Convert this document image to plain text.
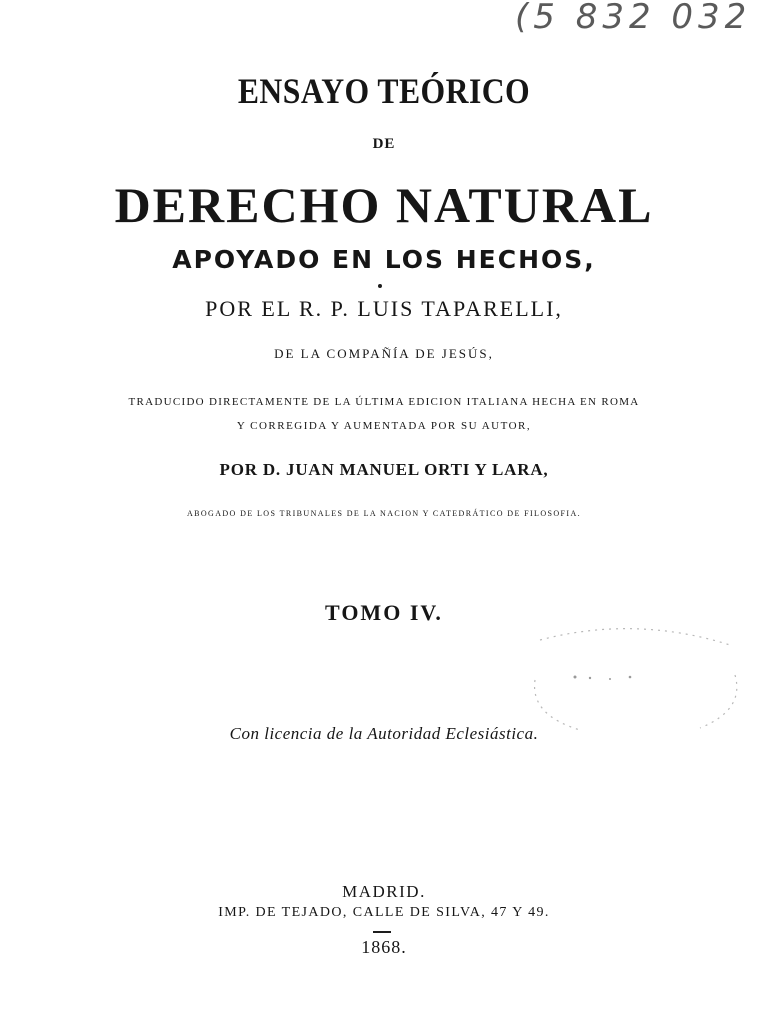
(5 832 032
ENSAYO TEÓRICO

DE

DERECHO NATURAL
APOYADO EN LOS HECHOS,

POR EL R. P. LUIS TAPARELLI,

DE LA COMPAÑÍA DE JESÚS,

TRADUCIDO DIRECTAMENTE DE LA ÚLTIMA EDICION ITALIANA HECHA EN ROMA

Y CORREGIDA Y AUMENTADA POR SU AUTOR,

POR D. JUAN MANUEL ORTI Y LARA,

ABOGADO DE LOS TRIBUNALES DE LA NACION Y CATEDRÁTICO DE FILOSOFIA.

TOMO IV.

Con licencia de la Autoridad Eclesiástica.

MADRID.

IMP. DE TEJADO, CALLE DE SILVA, 47 Y 49.

1868.
